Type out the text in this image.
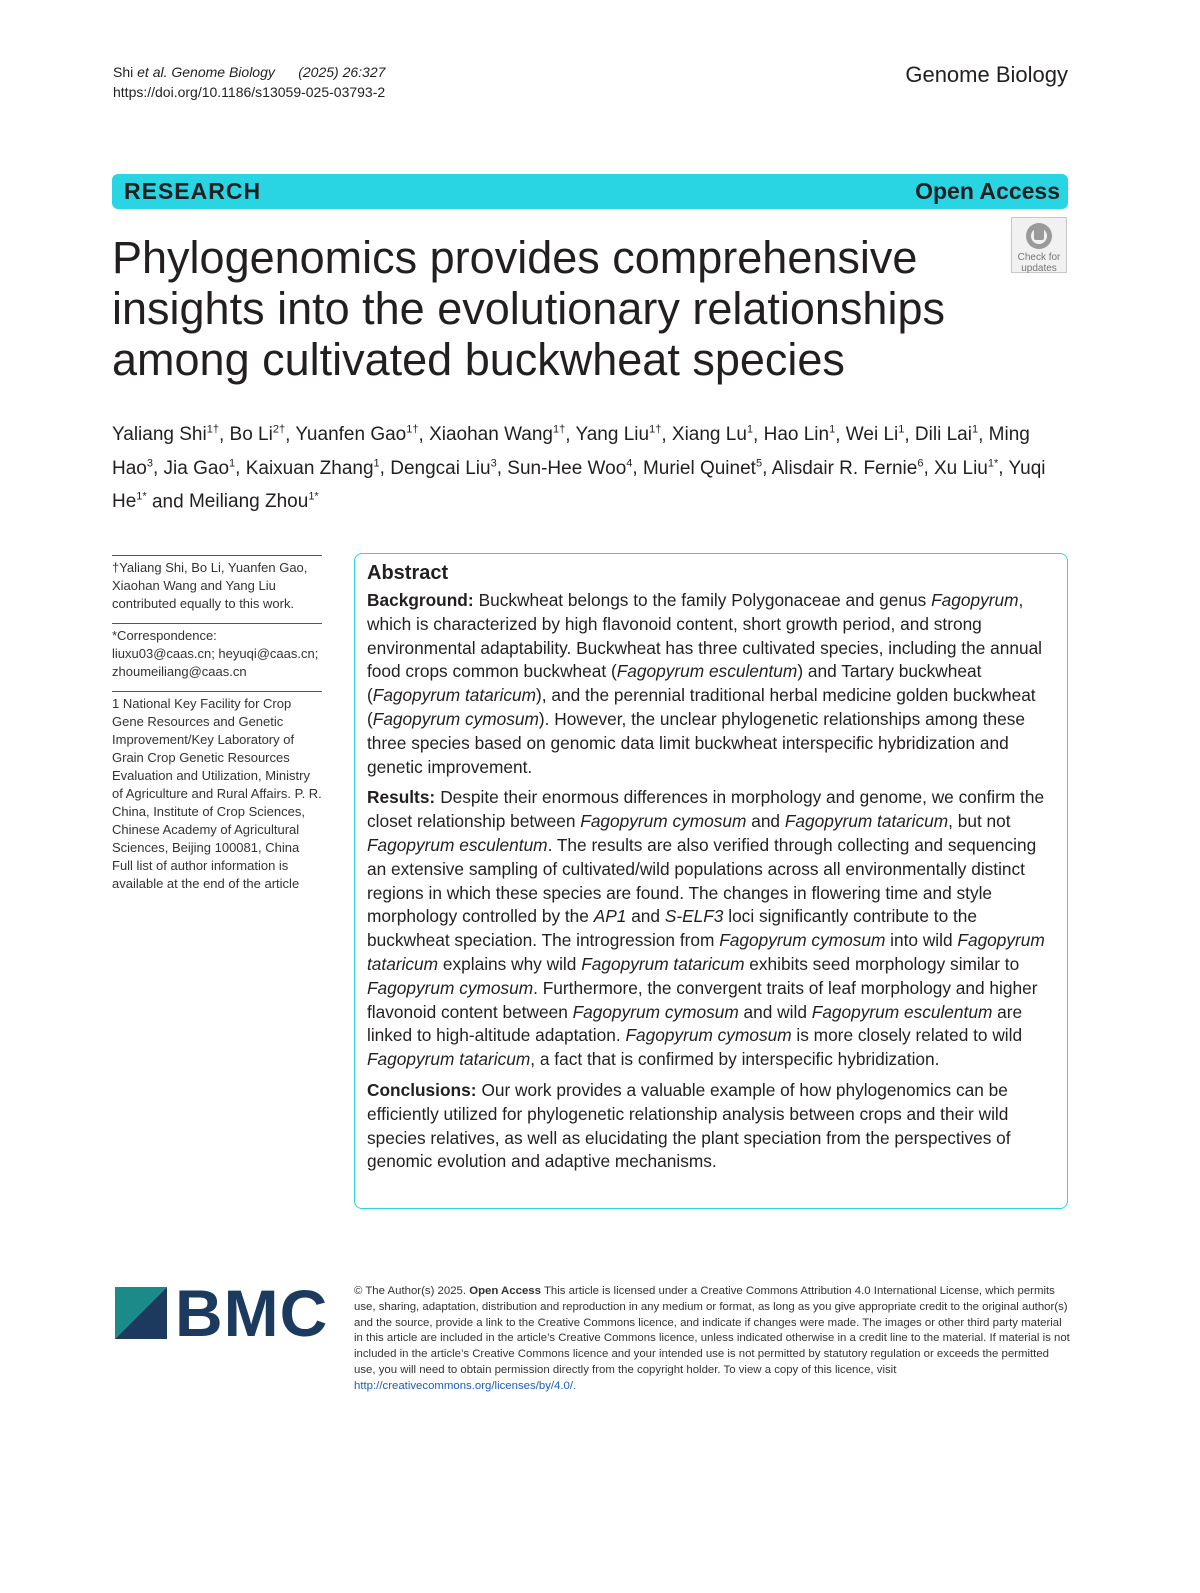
Shi et al. Genome Biology (2025) 26:327
https://doi.org/10.1186/s13059-025-03793-2
Genome Biology
RESEARCH	Open Access
Check for
updates
Phylogenomics provides comprehensive insights into the evolutionary relationships among cultivated buckwheat species
Yaliang Shi$^{1\dagger}$, Bo $Li^{2\dagger}$, Yuanfen Gao$^{1\dagger}$, Xiaohan Wang$^{1\dagger}$, Yang Liu$^{1\dagger}$, Xiang Lu$^1$, Hao Lin$^1$, Wei Li$^1$, Dili Lai$^1$, Ming Hao$^3$, Jia Gao$^1$, Kaixuan Zhang$^1$, Dengcai Liu$^3$, Sun-Hee Woo$^4$, Muriel Quinet$^5$, Alisdair R. Fernie$^6$, Xu Liu$^{1*}$, Yuqi $He^{1*}$ and Meiliang Zhou$^{1*}$
†Yaliang Shi, Bo Li, Yuanfen Gao, Xiaohan Wang and Yang Liu contributed equally to this work.
*Correspondence: liuxu03@caas.cn; heyuqi@caas.cn; zhoumeiliang@caas.cn
1 National Key Facility for Crop Gene Resources and Genetic Improvement/Key Laboratory of Grain Crop Genetic Resources Evaluation and Utilization, Ministry of Agriculture and Rural Affairs. P. R. China, Institute of Crop Sciences, Chinese Academy of Agricultural Sciences, Beijing 100081, China Full list of author information is available at the end of the article
Abstract

Background: Buckwheat belongs to the family Polygonaceae and genus Fagopyrum, which is characterized by high flavonoid content, short growth period, and strong environmental adaptability. Buckwheat has three cultivated species, including the annual food crops common buckwheat (Fagopyrum esculentum) and Tartary buckwheat (Fagopyrum tataricum), and the perennial traditional herbal medicine golden buckwheat (Fagopyrum cymosum). However, the unclear phylogenetic relationships among these three species based on genomic data limit buckwheat interspecific hybridization and genetic improvement.

Results: Despite their enormous differences in morphology and genome, we confirm the closet relationship between Fagopyrum cymosum and Fagopyrum tataricum, but not Fagopyrum esculentum. The results are also verified through collecting and sequencing an extensive sampling of cultivated/wild populations across all environmentally distinct regions in which these species are found. The changes in flowering time and style morphology controlled by the AP1 and S-ELF3 loci significantly contribute to the buckwheat speciation. The introgression from Fagopyrum cymosum into wild Fagopyrum tataricum explains why wild Fagopyrum tataricum exhibits seed morphology similar to Fagopyrum cymosum. Furthermore, the convergent traits of leaf morphology and higher flavonoid content between Fagopyrum cymosum and wild Fagopyrum esculentum are linked to high-altitude adaptation. Fagopyrum cymosum is more closely related to wild Fagopyrum tataricum, a fact that is confirmed by interspecific hybridization.

Conclusions: Our work provides a valuable example of how phylogenomics can be efficiently utilized for phylogenetic relationship analysis between crops and their wild species relatives, as well as elucidating the plant speciation from the perspectives of genomic evolution and adaptive mechanisms.

BMC © The Author(s) 2025. Open Access This article is licensed under a Creative Commons Attribution 4.0 International License, which permits use, sharing, adaptation, distribution and reproduction in any medium or format, as long as you give appropriate credit to the original author(s) and the source, provide a link to the Creative Commons licence, and indicate if changes were made. The images or other third party material in this article are included in the article’s Creative Commons licence, unless indicated otherwise in a credit line to the material. If material is not included in the article’s Creative Commons licence and your intended use is not permitted by statutory regulation or exceeds the permitted use, you will need to obtain permission directly from the copyright holder. To view a copy of this licence, visit http://creativecommons.org/licenses/by/4.0/.
